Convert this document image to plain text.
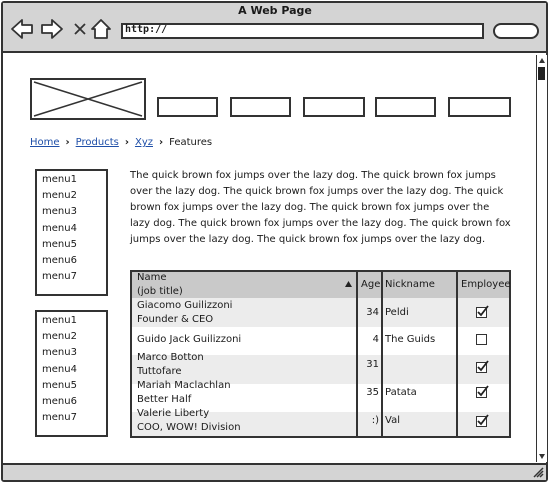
A Web Page
http://
Home › Products › Xyz › Features
menu1
menu2
menu3
menu4
menu5
menu6
menu7
menu1
menu2
menu3
menu4
menu5
menu6
menu7
The quick brown fox jumps over the lazy dog. The quick brown fox jumps over the lazy dog. The quick brown fox jumps over the lazy dog. The quick brown fox jumps over the lazy dog. The quick brown fox jumps over the lazy dog. The quick brown fox jumps over the lazy dog. The quick brown fox jumps over the lazy dog. The quick brown fox jumps over the lazy dog.
Name
(job title)
Age Nickname	Employee
Giacomo Guilizzoni
Founder & CEO
34 Peldi
Guido Jack Guilizzoni	4 The Guids
Marco Botton
Tuttofare
31
Mariah Maclachlan
Better Half
35 Patata
Valerie Liberty
COO, WOW! Division
:) Val
